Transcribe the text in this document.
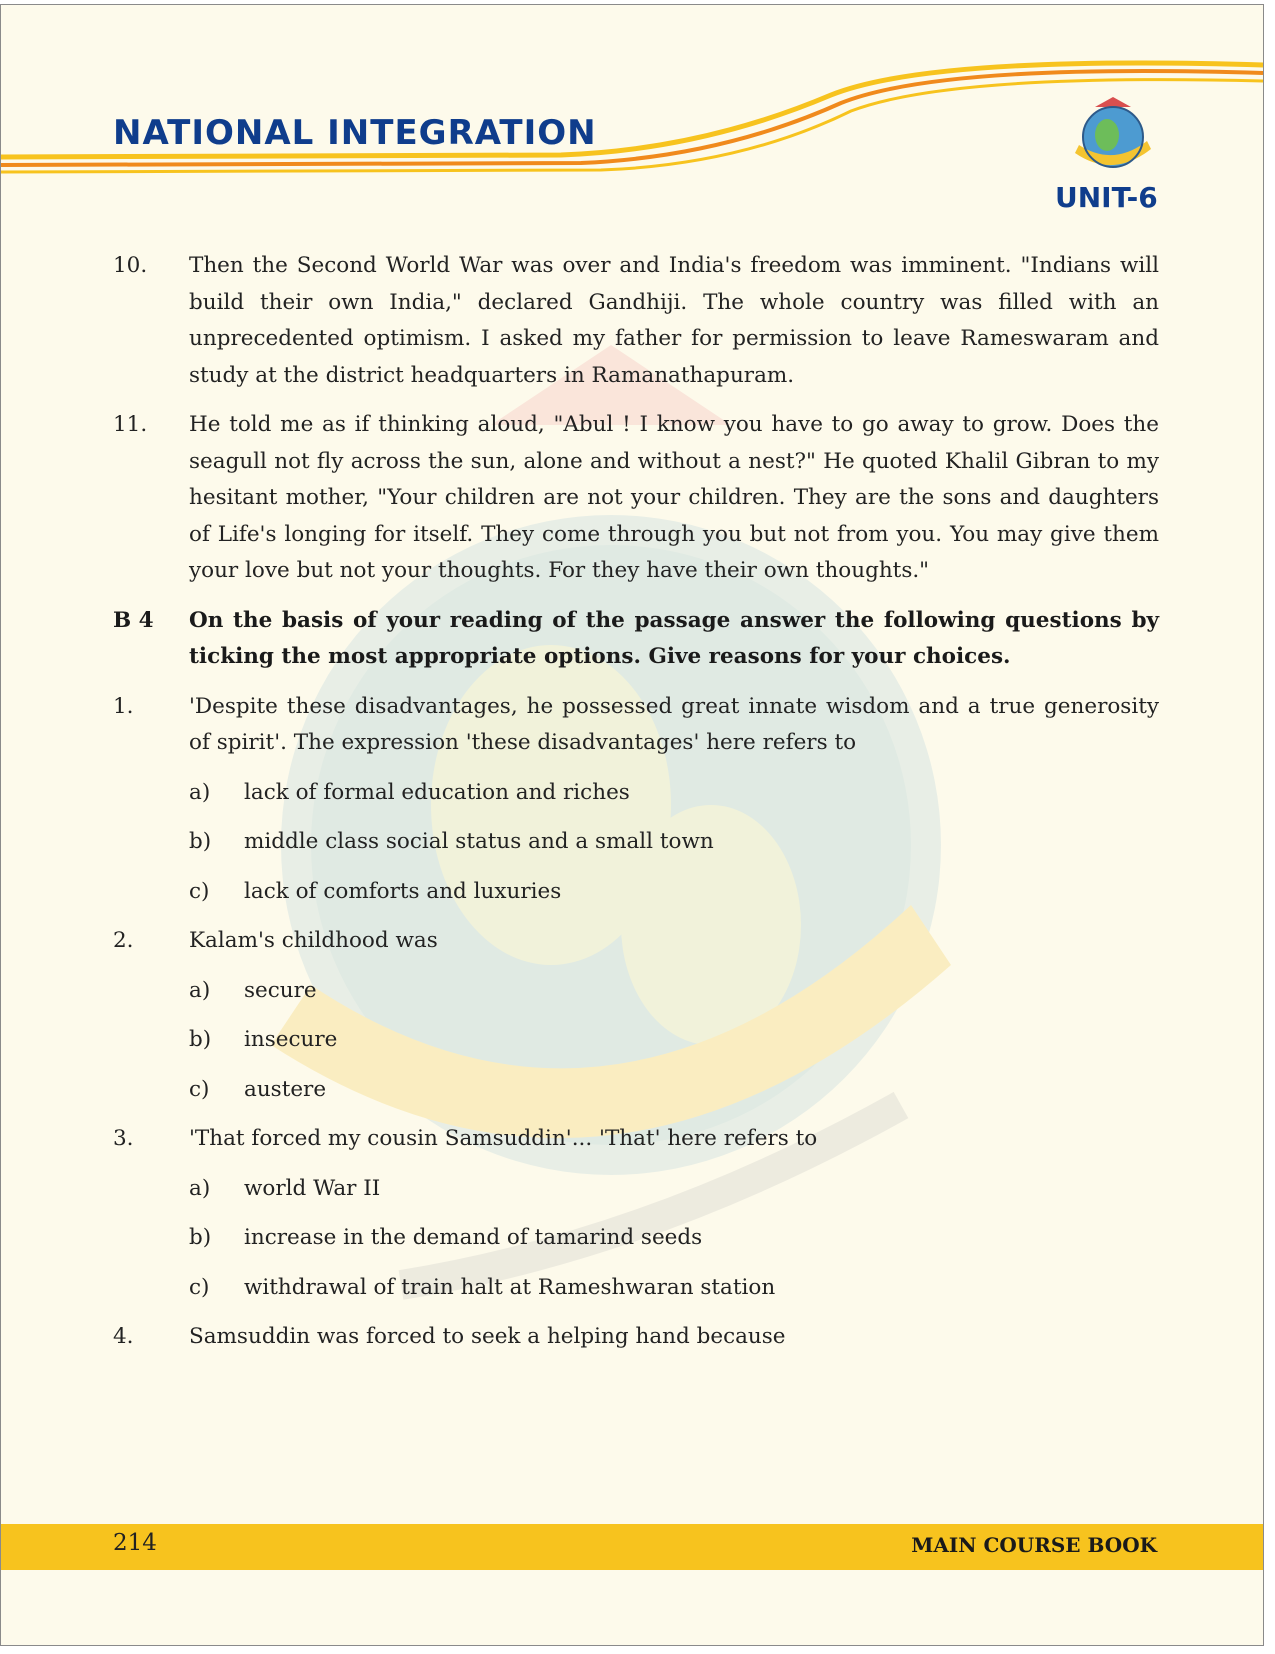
NATIONAL INTEGRATION
UNIT-6
10.	Then the Second World War was over and India's freedom was imminent. "Indians will build their own India," declared Gandhiji. The whole country was filled with an unprecedented optimism. I asked my father for permission to leave Rameswaram and study at the district headquarters in Ramanathapuram.
11.	He told me as if thinking aloud, "Abul ! I know you have to go away to grow. Does the seagull not fly across the sun, alone and without a nest?" He quoted Khalil Gibran to my hesitant mother, "Your children are not your children. They are the sons and daughters of Life's longing for itself. They come through you but not from you. You may give them your love but not your thoughts. For they have their own thoughts."
B 4	On the basis of your reading of the passage answer the following questions by ticking the most appropriate options. Give reasons for your choices.
1.	'Despite these disadvantages, he possessed great innate wisdom and a true generosity of spirit'. The expression 'these disadvantages' here refers to
a)	lack of formal education and riches
b)	middle class social status and a small town
c)	lack of comforts and luxuries
2.	Kalam's childhood was
a)	secure
b)	insecure
c)	austere
3.	'That forced my cousin Samsuddin'... 'That' here refers to
a)	world War II
b)	increase in the demand of tamarind seeds
c)	withdrawal of train halt at Rameshwaran station
4.	Samsuddin was forced to seek a helping hand because
214	MAIN COURSE BOOK
